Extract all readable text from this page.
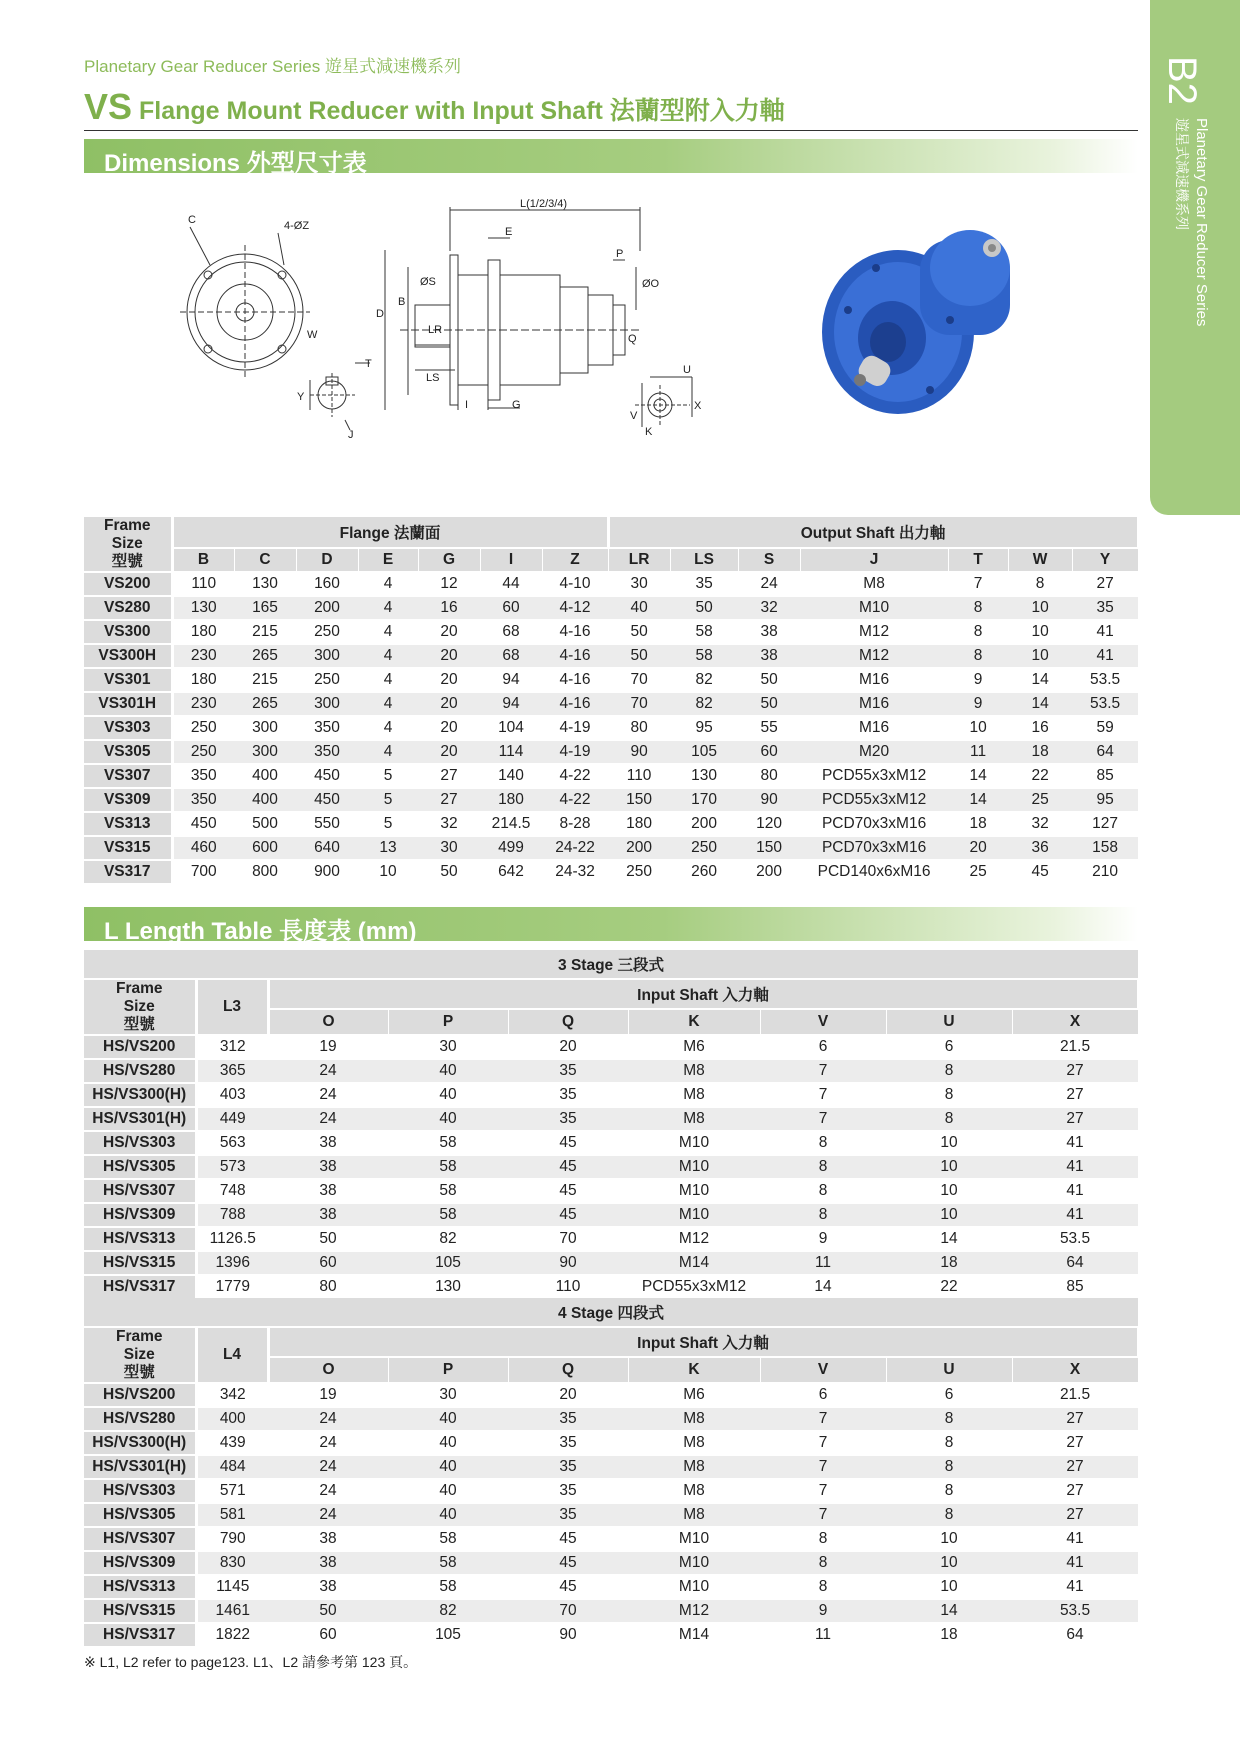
Planetary Gear Reducer Series 遊星式減速機系列
VS Flange Mount Reducer with Input Shaft 法蘭型附入力軸
B2
Planetary Gear Reducer Series
遊星式減速機系列
Dimensions 外型尺寸表
C	4-ØZ
W
T
Y
J
L(1/2/3/4)
E
P
ØS	ØO
D
B
LR
LS
I	G
Q
U
V
X
K
Frame
Size
型號	Flange 法蘭面							Output Shaft 出力軸						
	B	C	D	E	G	I	Z	LR	LS	S	J	T	W	Y
VS200	110	130	160	4	12	44	4-10	30	35	24	M8	7	8	27
VS280	130	165	200	4	16	60	4-12	40	50	32	M10	8	10	35
VS300	180	215	250	4	20	68	4-16	50	58	38	M12	8	10	41
VS300H	230	265	300	4	20	68	4-16	50	58	38	M12	8	10	41
VS301	180	215	250	4	20	94	4-16	70	82	50	M16	9	14	53.5
VS301H	230	265	300	4	20	94	4-16	70	82	50	M16	9	14	53.5
VS303	250	300	350	4	20	104	4-19	80	95	55	M16	10	16	59
VS305	250	300	350	4	20	114	4-19	90	105	60	M20	11	18	64
VS307	350	400	450	5	27	140	4-22	110	130	80	PCD55x3xM12	14	22	85
VS309	350	400	450	5	27	180	4-22	150	170	90	PCD55x3xM12	14	25	95
VS313	450	500	550	5	32	214.5	8-28	180	200	120	PCD70x3xM16	18	32	127
VS315	460	600	640	13	30	499	24-22	200	250	150	PCD70x3xM16	20	36	158
VS317	700	800	900	10	50	642	24-32	250	260	200	PCD140x6xM16	25	45	210
L Length Table 長度表 (mm)
3 Stage 三段式								
Frame
Size
型號	L3	Input Shaft 入力軸						
		O	P	Q	K	V	U	X
HS/VS200	312	19	30	20	M6	6	6	21.5
HS/VS280	365	24	40	35	M8	7	8	27
HS/VS300(H)	403	24	40	35	M8	7	8	27
HS/VS301(H)	449	24	40	35	M8	7	8	27
HS/VS303	563	38	58	45	M10	8	10	41
HS/VS305	573	38	58	45	M10	8	10	41
HS/VS307	748	38	58	45	M10	8	10	41
HS/VS309	788	38	58	45	M10	8	10	41
HS/VS313	1126.5	50	82	70	M12	9	14	53.5
HS/VS315	1396	60	105	90	M14	11	18	64
HS/VS317	1779	80	130	110	PCD55x3xM12	14	22	85
4 Stage 四段式								
Frame
Size
型號	L4	Input Shaft 入力軸						
		O	P	Q	K	V	U	X
HS/VS200	342	19	30	20	M6	6	6	21.5
HS/VS280	400	24	40	35	M8	7	8	27
HS/VS300(H)	439	24	40	35	M8	7	8	27
HS/VS301(H)	484	24	40	35	M8	7	8	27
HS/VS303	571	24	40	35	M8	7	8	27
HS/VS305	581	24	40	35	M8	7	8	27
HS/VS307	790	38	58	45	M10	8	10	41
HS/VS309	830	38	58	45	M10	8	10	41
HS/VS313	1145	38	58	45	M10	8	10	41
HS/VS315	1461	50	82	70	M12	9	14	53.5
HS/VS317	1822	60	105	90	M14	11	18	64
※ L1, L2 refer to page123. L1、L2 請參考第 123 頁。
